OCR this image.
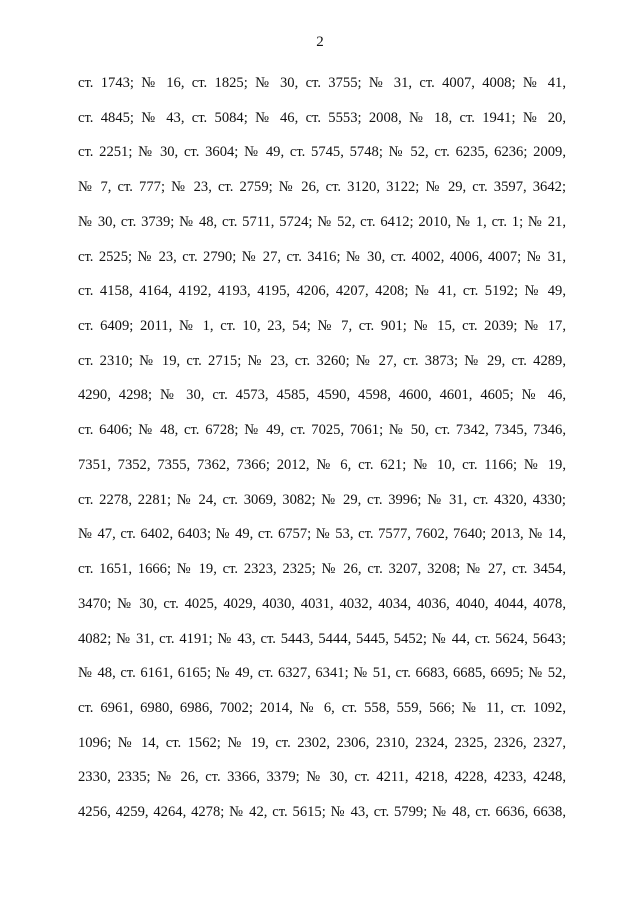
2
ст. 1743; № 16, ст. 1825; № 30, ст. 3755; № 31, ст. 4007, 4008; № 41,
ст. 4845; № 43, ст. 5084; № 46, ст. 5553; 2008, № 18, ст. 1941; № 20,
ст. 2251; № 30, ст. 3604; № 49, ст. 5745, 5748; № 52, ст. 6235, 6236; 2009,
№ 7, ст. 777; № 23, ст. 2759; № 26, ст. 3120, 3122; № 29, ст. 3597, 3642;
№ 30, ст. 3739; № 48, ст. 5711, 5724; № 52, ст. 6412; 2010, № 1, ст. 1; № 21,
ст. 2525; № 23, ст. 2790; № 27, ст. 3416; № 30, ст. 4002, 4006, 4007; № 31,
ст. 4158, 4164, 4192, 4193, 4195, 4206, 4207, 4208; № 41, ст. 5192; № 49,
ст. 6409; 2011, № 1, ст. 10, 23, 54; № 7, ст. 901; № 15, ст. 2039; № 17,
ст. 2310; № 19, ст. 2715; № 23, ст. 3260; № 27, ст. 3873; № 29, ст. 4289,
4290, 4298; № 30, ст. 4573, 4585, 4590, 4598, 4600, 4601, 4605; № 46,
ст. 6406; № 48, ст. 6728; № 49, ст. 7025, 7061; № 50, ст. 7342, 7345, 7346,
7351, 7352, 7355, 7362, 7366; 2012, № 6, ст. 621; № 10, ст. 1166; № 19,
ст. 2278, 2281; № 24, ст. 3069, 3082; № 29, ст. 3996; № 31, ст. 4320, 4330;
№ 47, ст. 6402, 6403; № 49, ст. 6757; № 53, ст. 7577, 7602, 7640; 2013, № 14,
ст. 1651, 1666; № 19, ст. 2323, 2325; № 26, ст. 3207, 3208; № 27, ст. 3454,
3470; № 30, ст. 4025, 4029, 4030, 4031, 4032, 4034, 4036, 4040, 4044, 4078,
4082; № 31, ст. 4191; № 43, ст. 5443, 5444, 5445, 5452; № 44, ст. 5624, 5643;
№ 48, ст. 6161, 6165; № 49, ст. 6327, 6341; № 51, ст. 6683, 6685, 6695; № 52,
ст. 6961, 6980, 6986, 7002; 2014, № 6, ст. 558, 559, 566; № 11, ст. 1092,
1096; № 14, ст. 1562; № 19, ст. 2302, 2306, 2310, 2324, 2325, 2326, 2327,
2330, 2335; № 26, ст. 3366, 3379; № 30, ст. 4211, 4218, 4228, 4233, 4248,
4256, 4259, 4264, 4278; № 42, ст. 5615; № 43, ст. 5799; № 48, ст. 6636, 6638,
